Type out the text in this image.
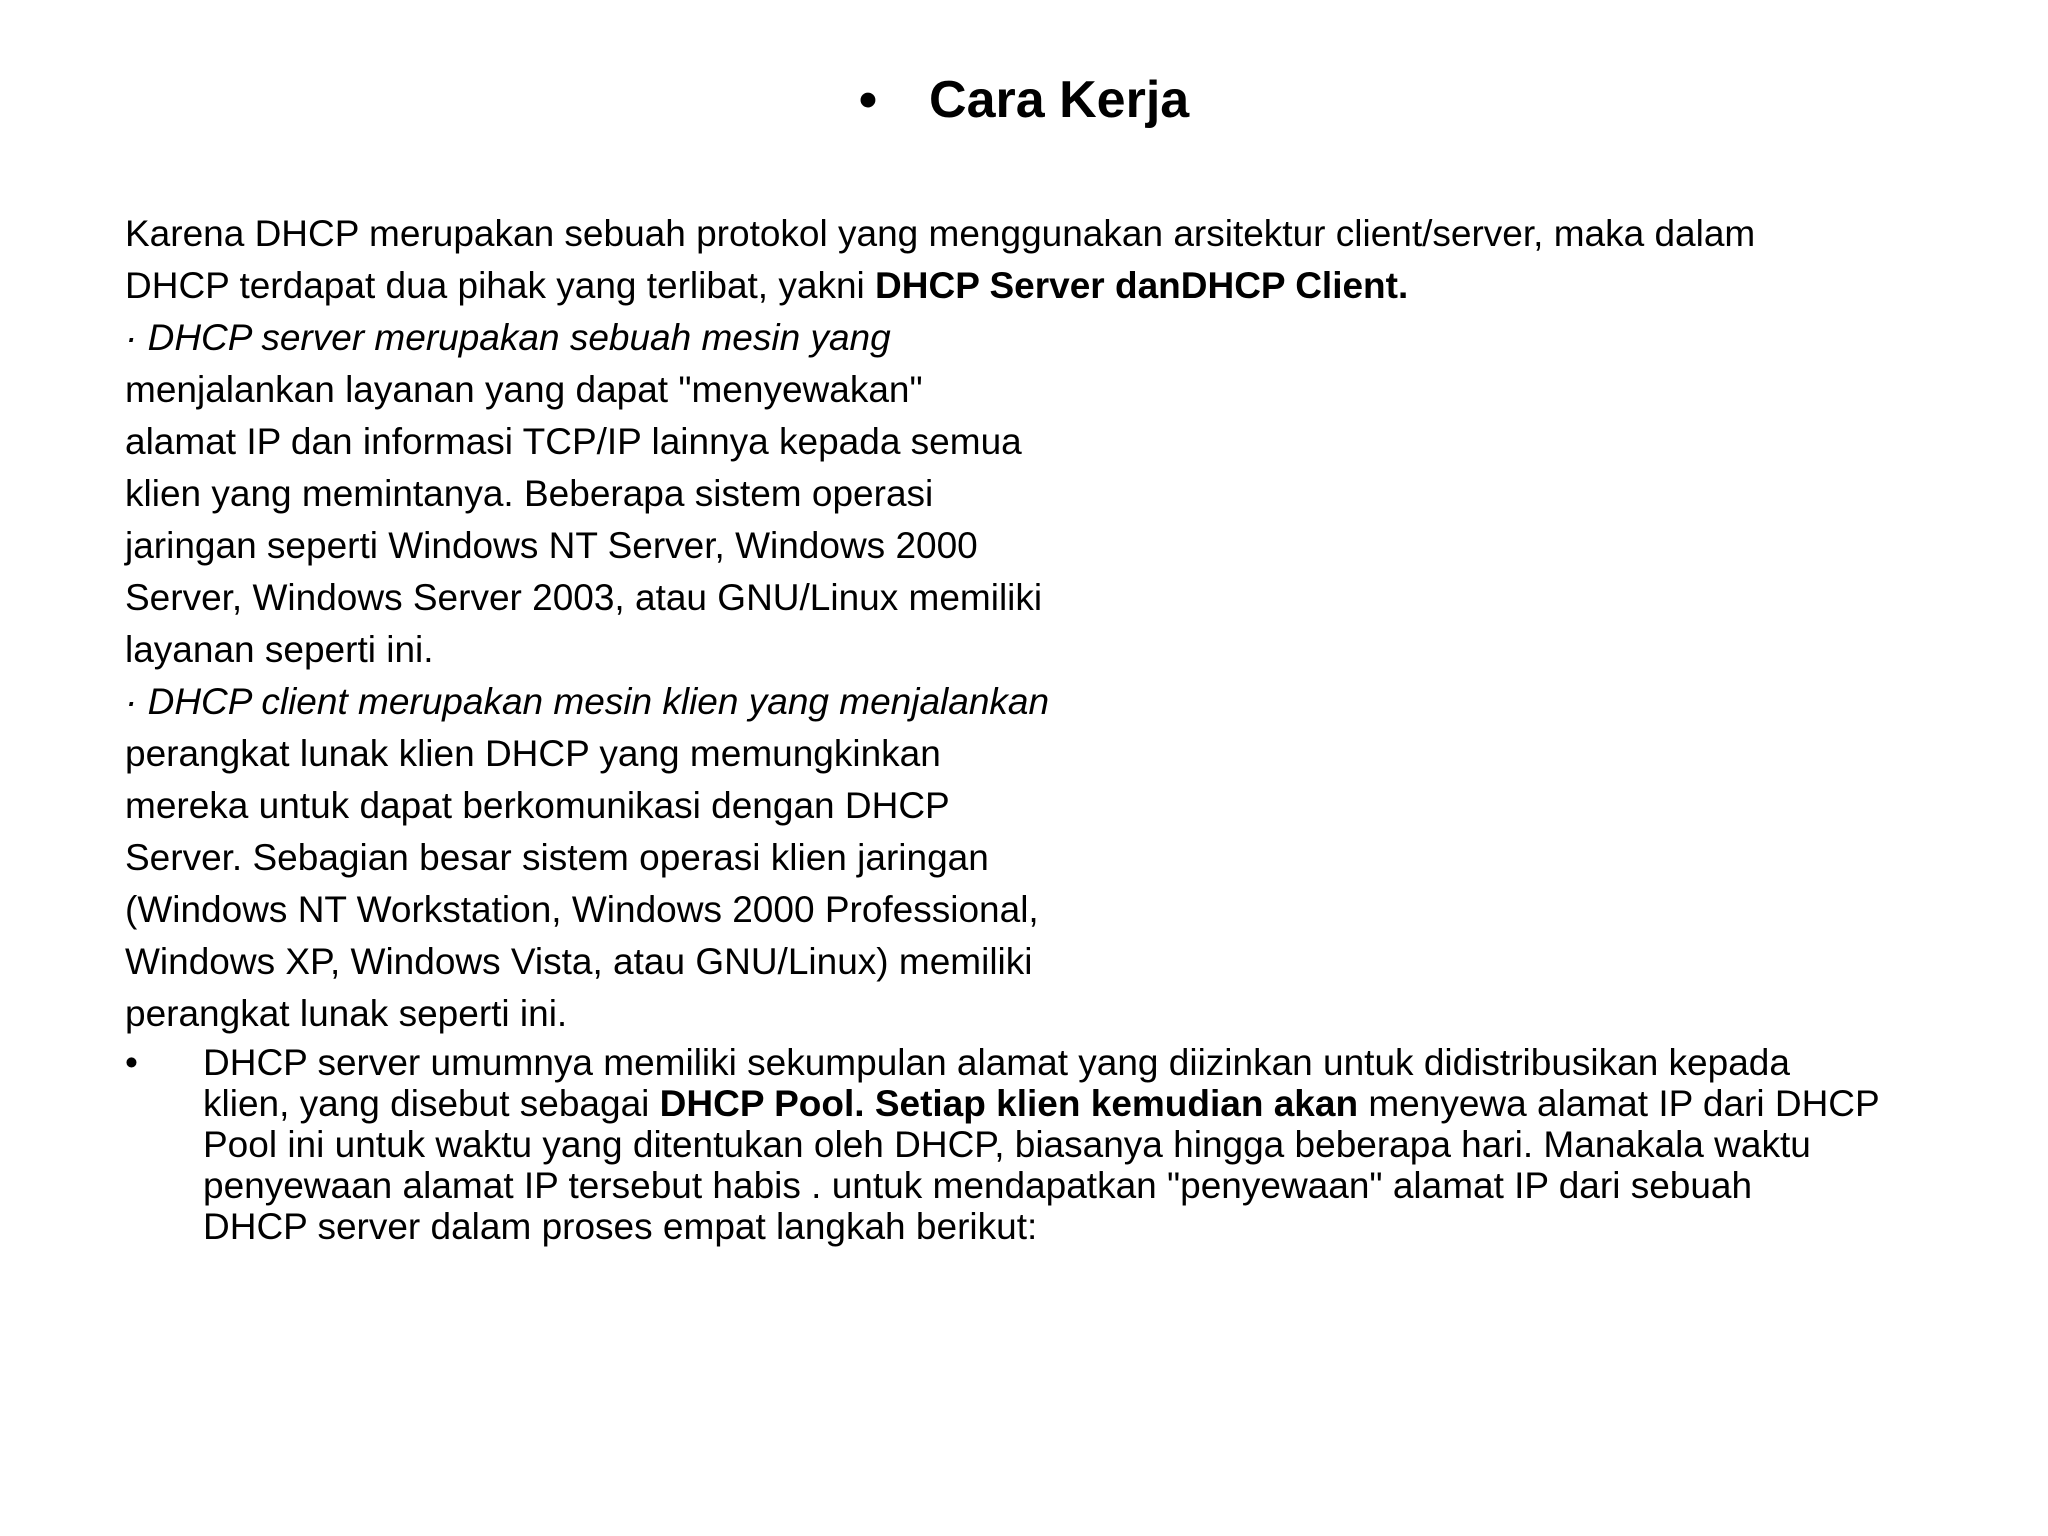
• Cara Kerja
Karena DHCP merupakan sebuah protokol yang menggunakan arsitektur client/server, maka dalam
DHCP terdapat dua pihak yang terlibat, yakni DHCP Server danDHCP Client.
· DHCP server merupakan sebuah mesin yang
menjalankan layanan yang dapat "menyewakan"
alamat IP dan informasi TCP/IP lainnya kepada semua
klien yang memintanya. Beberapa sistem operasi
jaringan seperti Windows NT Server, Windows 2000
Server, Windows Server 2003, atau GNU/Linux memiliki
layanan seperti ini.
· DHCP client merupakan mesin klien yang menjalankan
perangkat lunak klien DHCP yang memungkinkan
mereka untuk dapat berkomunikasi dengan DHCP
Server. Sebagian besar sistem operasi klien jaringan
(Windows NT Workstation, Windows 2000 Professional,
Windows XP, Windows Vista, atau GNU/Linux) memiliki
perangkat lunak seperti ini.
• DHCP server umumnya memiliki sekumpulan alamat yang diizinkan untuk didistribusikan kepada
klien, yang disebut sebagai DHCP Pool. Setiap klien kemudian akan menyewa alamat IP dari DHCP
Pool ini untuk waktu yang ditentukan oleh DHCP, biasanya hingga beberapa hari. Manakala waktu
penyewaan alamat IP tersebut habis . untuk mendapatkan "penyewaan" alamat IP dari sebuah
DHCP server dalam proses empat langkah berikut:
